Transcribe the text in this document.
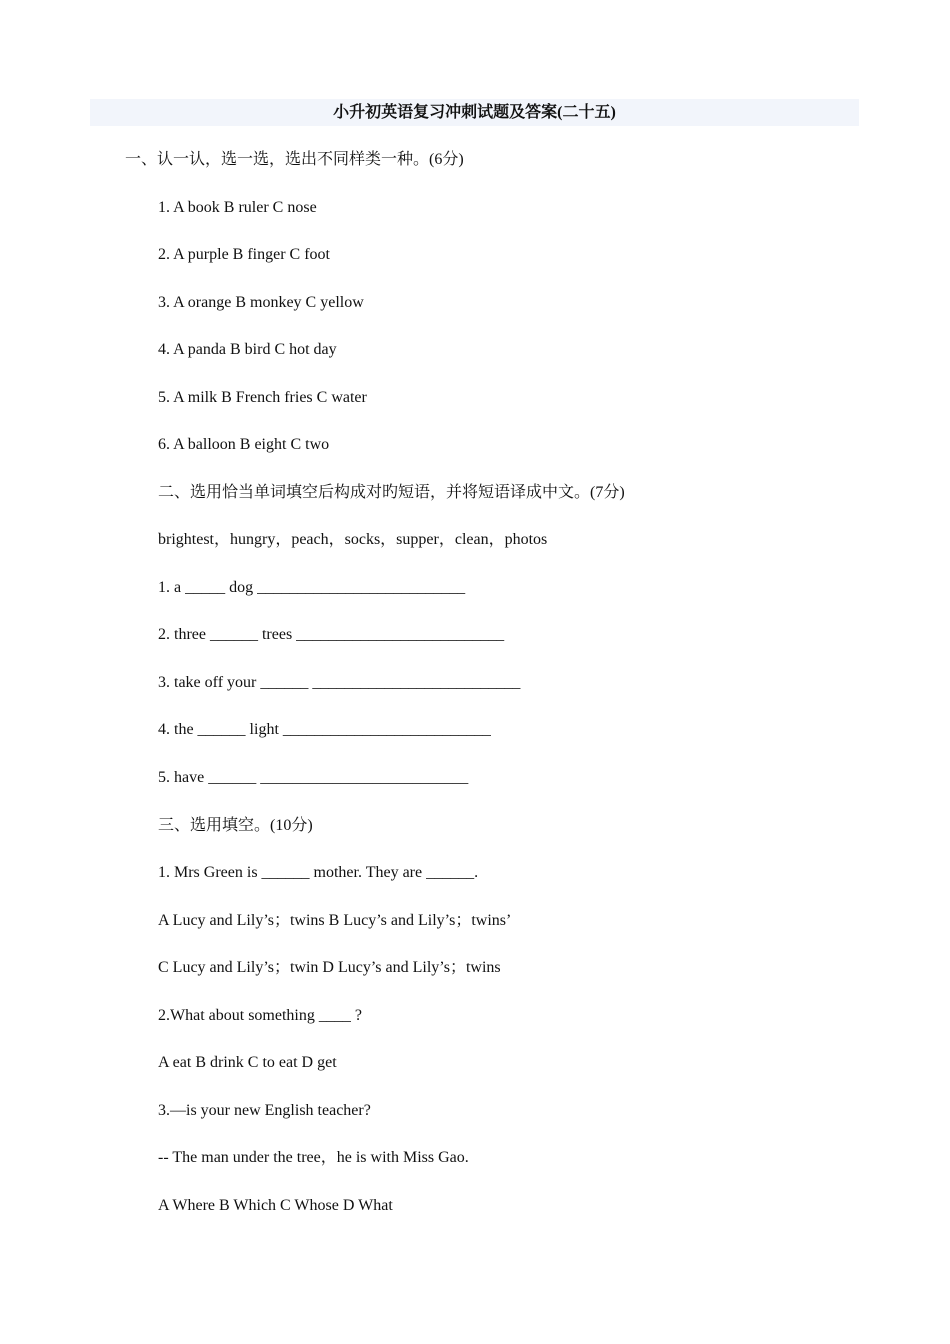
小升初英语复习冲刺试题及答案(二十五)
一、认一认，选一选，选出不同样类一种。(6分)
1. A book B ruler C nose
2. A purple B finger C foot
3. A orange B monkey C yellow
4. A panda B bird C hot day
5. A milk B French fries C water
6. A balloon B eight C two
二、选用恰当单词填空后构成对旳短语，并将短语译成中文。(7分)
brightest，hungry，peach，socks，supper，clean，photos
1. a _____ dog __________________________
2. three ______ trees __________________________
3. take off your ______ __________________________
4. the ______ light __________________________
5. have ______ __________________________
三、选用填空。(10分)
1. Mrs Green is ______ mother. They are ______.
A Lucy and Lily’s；twins B Lucy’s and Lily’s；twins’
C Lucy and Lily’s；twin D Lucy’s and Lily’s；twins
2.What about something ____ ?
A eat B drink C to eat D get
3.—is your new English teacher?
-- The man under the tree，he is with Miss Gao.
A Where B Which C Whose D What
